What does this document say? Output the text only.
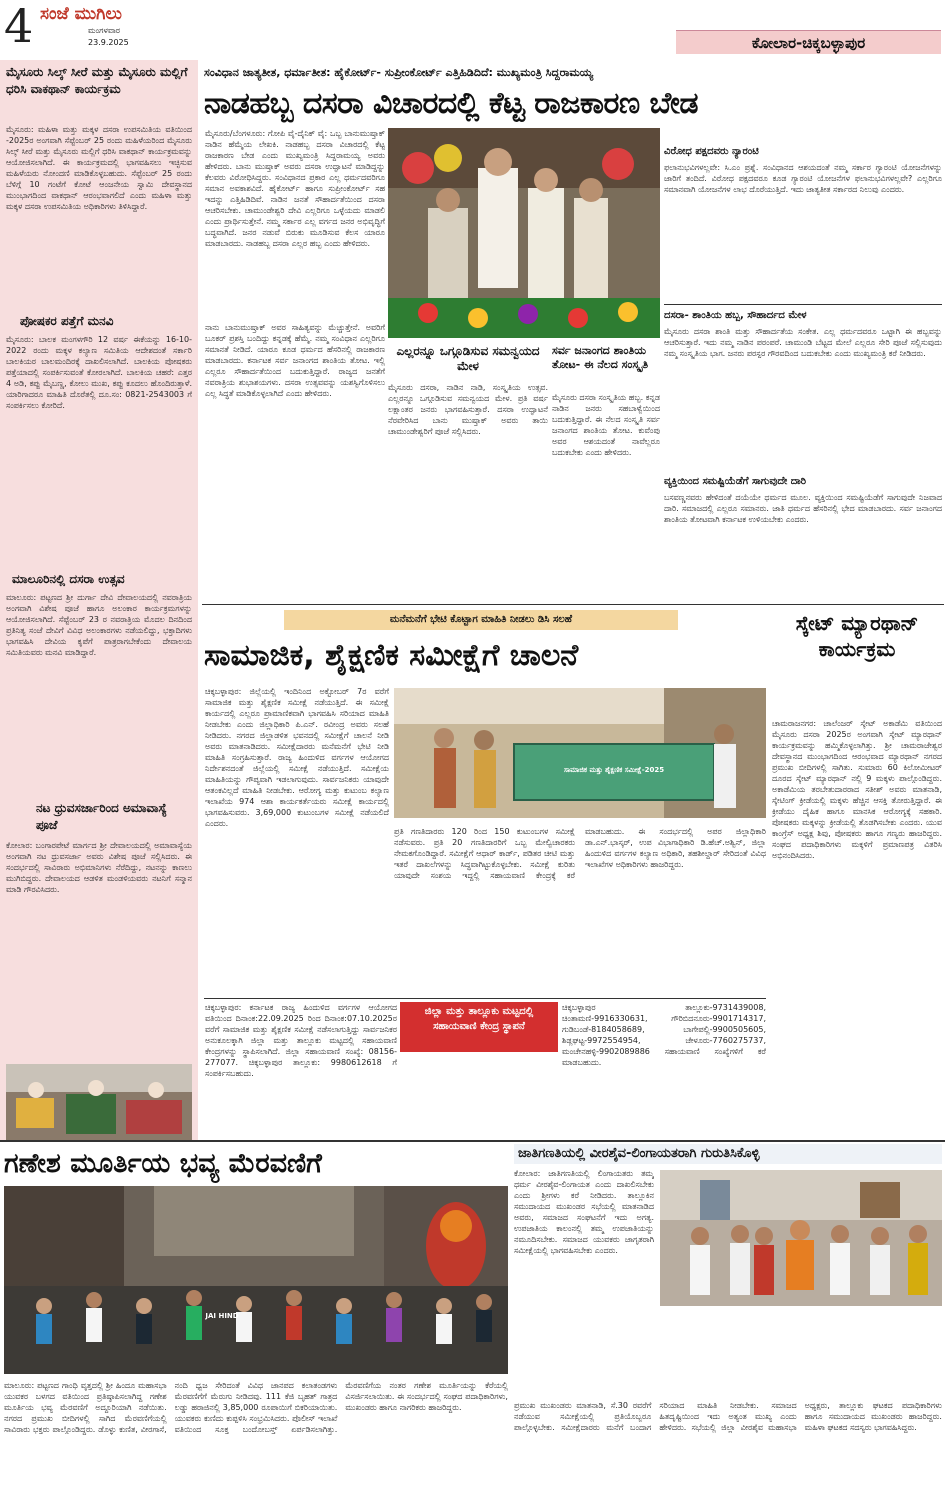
4 ಸಂಜೆ ಮುಗಿಲು
ಮಂಗಳವಾರ
23.9.2025	ಕೋಲಾರ-ಚಿಕ್ಕಬಳ್ಳಾಪುರ
ಮೈಸೂರು ಸಿಲ್ಕ್ ಸೀರೆ ಮತ್ತು ಮೈಸೂರು ಮಲ್ಲಿಗೆ ಧರಿಸಿ ವಾಕಥಾನ್ ಕಾರ್ಯಕ್ರಮ
ಮೈಸೂರು: ಮಹಿಳಾ ಮತ್ತು ಮಕ್ಕಳ ದಸರಾ ಉಪಸಮಿತಿಯ ವತಿಯಿಂದ -2025ರ ಅಂಗವಾಗಿ ಸೆಪ್ಟೆಂಬರ್ 25 ರಂದು ಮಹಿಳೆಯರಿಂದ ಮೈಸೂರು ಸಿಲ್ಕ್ ಸೀರೆ ಮತ್ತು ಮೈಸೂರು ಮಲ್ಲಿಗೆ ಧರಿಸಿ ವಾಕಥಾನ್ ಕಾರ್ಯಕ್ರಮವನ್ನು ಆಯೋಜಿಸಲಾಗಿದೆ. ಈ ಕಾರ್ಯಕ್ರಮದಲ್ಲಿ ಭಾಗವಹಿಸಲು ಇಚ್ಛಿಸುವ ಮಹಿಳೆಯರು ನೋಂದಣಿ ಮಾಡಿಕೊಳ್ಳಬಹುದು. ಸೆಪ್ಟೆಂಬರ್ 25 ರಂದು ಬೆಳಿಗ್ಗೆ 10 ಗಂಟೆಗೆ ಕೋಟೆ ಆಂಜನೇಯ ಸ್ವಾಮಿ ದೇವಸ್ಥಾನದ ಮುಂಭಾಗದಿಂದ ವಾಕಥಾನ್ ಆರಂಭವಾಗಲಿದೆ ಎಂದು ಮಹಿಳಾ ಮತ್ತು ಮಕ್ಕಳ ದಸರಾ ಉಪಸಮಿತಿಯ ಅಧಿಕಾರಿಗಳು ತಿಳಿಸಿದ್ದಾರೆ.
ಪೋಷಕರ ಪತ್ತೆಗೆ ಮನವಿ
ಮೈಸೂರು: ಬಾಲಕ ಮಂಗಳಗೌರಿ 12 ವರ್ಷ ಈಕೆಯನ್ನು 16-10-2022 ರಂದು ಮಕ್ಕಳ ಕಲ್ಯಾಣ ಸಮಿತಿಯ ಆದೇಶದಂತೆ ಸರ್ಕಾರಿ ಬಾಲಕಿಯರ ಬಾಲಮಂದಿರಕ್ಕೆ ದಾಖಲಿಸಲಾಗಿದೆ. ಬಾಲಕಿಯ ಪೋಷಕರು ಪತ್ತೆಯಾದಲ್ಲಿ ಸಂಪರ್ಕಿಸುವಂತೆ ಕೋರಲಾಗಿದೆ. ಬಾಲಕಿಯ ಚಹರೆ: ಎತ್ತರ 4 ಅಡಿ, ಕಪ್ಪು ಮೈಬಣ್ಣ, ಕೋಲು ಮುಖ, ಕಪ್ಪು ಕೂದಲು ಹೊಂದಿರುತ್ತಾಳೆ. ಯಾರಿಗಾದರೂ ಮಾಹಿತಿ ದೊರೆತಲ್ಲಿ ದೂ.ಸಂ: 0821-2543003 ಗೆ ಸಂಪರ್ಕಿಸಲು ಕೋರಿದೆ.
ಮಾಲೂರಿನಲ್ಲಿ ದಸರಾ ಉತ್ಸವ
ಮಾಲೂರು: ಪಟ್ಟಣದ ಶ್ರೀ ದುರ್ಗಾ ದೇವಿ ದೇವಾಲಯದಲ್ಲಿ ನವರಾತ್ರಿಯ ಅಂಗವಾಗಿ ವಿಶೇಷ ಪೂಜೆ ಹಾಗೂ ಅಲಂಕಾರ ಕಾರ್ಯಕ್ರಮಗಳನ್ನು ಆಯೋಜಿಸಲಾಗಿದೆ. ಸೆಪ್ಟೆಂಬರ್ 23 ರ ನವರಾತ್ರಿಯ ಮೊದಲ ದಿನದಿಂದ ಪ್ರತಿನಿತ್ಯ ಸಂಜೆ ದೇವಿಗೆ ವಿವಿಧ ಅಲಂಕಾರಗಳು ನಡೆಯಲಿದ್ದು, ಭಕ್ತಾದಿಗಳು ಭಾಗವಹಿಸಿ ದೇವಿಯ ಕೃಪೆಗೆ ಪಾತ್ರರಾಗಬೇಕೆಂದು ದೇವಾಲಯ ಸಮಿತಿಯವರು ಮನವಿ ಮಾಡಿದ್ದಾರೆ.
ನಟ ಧ್ರುವಸರ್ಜಾರಿಂದ ಅಮಾವಾಸ್ಯೆ ಪೂಜೆ
ಕೋಲಾರ: ಬಂಗಾರಪೇಟೆ ಮಾರ್ಗದ ಶ್ರೀ ದೇವಾಲಯದಲ್ಲಿ ಅಮಾವಾಸ್ಯೆಯ ಅಂಗವಾಗಿ ನಟ ಧ್ರುವಸರ್ಜಾ ಅವರು ವಿಶೇಷ ಪೂಜೆ ಸಲ್ಲಿಸಿದರು. ಈ ಸಂದರ್ಭದಲ್ಲಿ ಸಾವಿರಾರು ಅಭಿಮಾನಿಗಳು ನೆರೆದಿದ್ದು, ನಟನನ್ನು ಕಾಣಲು ಮುಗಿಬಿದ್ದರು. ದೇವಾಲಯದ ಆಡಳಿತ ಮಂಡಳಿಯವರು ನಟನಿಗೆ ಸನ್ಮಾನ ಮಾಡಿ ಗೌರವಿಸಿದರು.
ಸಂವಿಧಾನ ಜಾತ್ಯತೀತ, ಧರ್ಮಾತೀತ: ಹೈಕೋರ್ಟ್- ಸುಪ್ರೀಂಕೋರ್ಟ್ ಎತ್ತಿಹಿಡಿದಿದೆ: ಮುಖ್ಯಮಂತ್ರಿ ಸಿದ್ದರಾಮಯ್ಯ
ನಾಡಹಬ್ಬ ದಸರಾ ವಿಚಾರದಲ್ಲಿ ಕೆಟ್ಟ ರಾಜಕಾರಣ ಬೇಡ
ಮೈಸೂರು/ಬೆಂಗಳೂರು: ಗೋಪಿ ವೈ-ದೈನಿಕ್ ವೈ: ಒಬ್ಬ ಬಾನುಮುಷ್ತಾಕ್ ನಾಡಿನ ಹೆಮ್ಮೆಯ ಲೇಖಕಿ. ನಾಡಹಬ್ಬ ದಸರಾ ವಿಚಾರದಲ್ಲಿ ಕೆಟ್ಟ ರಾಜಕಾರಣ ಬೇಡ ಎಂದು ಮುಖ್ಯಮಂತ್ರಿ ಸಿದ್ದರಾಮಯ್ಯ ಅವರು ಹೇಳಿದರು. ಬಾನು ಮುಷ್ತಾಕ್ ಅವರು ದಸರಾ ಉದ್ಘಾಟನೆ ಮಾಡಿದ್ದನ್ನು ಕೆಲವರು ವಿರೋಧಿಸಿದ್ದರು. ಸಂವಿಧಾನದ ಪ್ರಕಾರ ಎಲ್ಲ ಧರ್ಮದವರಿಗೂ ಸಮಾನ ಅವಕಾಶವಿದೆ. ಹೈಕೋರ್ಟ್ ಹಾಗೂ ಸುಪ್ರೀಂಕೋರ್ಟ್ ಸಹ ಇದನ್ನು ಎತ್ತಿಹಿಡಿದಿವೆ. ನಾಡಿನ ಜನತೆ ಸೌಹಾರ್ದತೆಯಿಂದ ದಸರಾ ಆಚರಿಸಬೇಕು. ಚಾಮುಂಡೇಶ್ವರಿ ದೇವಿ ಎಲ್ಲರಿಗೂ ಒಳ್ಳೆಯದು ಮಾಡಲಿ ಎಂದು ಪ್ರಾರ್ಥಿಸುತ್ತೇನೆ. ನಮ್ಮ ಸರ್ಕಾರ ಎಲ್ಲ ವರ್ಗದ ಜನರ ಅಭಿವೃದ್ಧಿಗೆ ಬದ್ಧವಾಗಿದೆ. ಜನರ ನಡುವೆ ಬಿರುಕು ಮೂಡಿಸುವ ಕೆಲಸ ಯಾರೂ ಮಾಡಬಾರದು. ನಾಡಹಬ್ಬ ದಸರಾ ಎಲ್ಲರ ಹಬ್ಬ ಎಂದು ಹೇಳಿದರು.
ನಾನು ಬಾನುಮುಷ್ತಾಕ್ ಅವರ ಸಾಹಿತ್ಯವನ್ನು ಮೆಚ್ಚುತ್ತೇನೆ. ಅವರಿಗೆ ಬೂಕರ್ ಪ್ರಶಸ್ತಿ ಬಂದಿದ್ದು ಕನ್ನಡಕ್ಕೆ ಹೆಮ್ಮೆ. ನಮ್ಮ ಸಂವಿಧಾನ ಎಲ್ಲರಿಗೂ ಸಮಾನತೆ ನೀಡಿದೆ. ಯಾರೂ ಕೂಡ ಧರ್ಮದ ಹೆಸರಿನಲ್ಲಿ ರಾಜಕಾರಣ ಮಾಡಬಾರದು. ಕರ್ನಾಟಕ ಸರ್ವ ಜನಾಂಗದ ಶಾಂತಿಯ ತೋಟ. ಇಲ್ಲಿ ಎಲ್ಲರೂ ಸೌಹಾರ್ದತೆಯಿಂದ ಬದುಕುತ್ತಿದ್ದಾರೆ. ರಾಜ್ಯದ ಜನತೆಗೆ ನವರಾತ್ರಿಯ ಶುಭಾಶಯಗಳು. ದಸರಾ ಉತ್ಸವವನ್ನು ಯಶಸ್ವಿಗೊಳಿಸಲು ಎಲ್ಲ ಸಿದ್ಧತೆ ಮಾಡಿಕೊಳ್ಳಲಾಗಿದೆ ಎಂದು ಹೇಳಿದರು.
ವಿರೋಧ ಪಕ್ಷದವರು ನ್ಯಾರಂಟಿ
ಫಲಾನುಭವಿಗಳಲ್ಲವೇ: ಸಿ.ಎಂ ಪ್ರಶ್ನೆ. ಸಂವಿಧಾನದ ಆಶಯದಂತೆ ನಮ್ಮ ಸರ್ಕಾರ ಗ್ಯಾರಂಟಿ ಯೋಜನೆಗಳನ್ನು ಜಾರಿಗೆ ತಂದಿದೆ. ವಿರೋಧ ಪಕ್ಷದವರೂ ಕೂಡ ಗ್ಯಾರಂಟಿ ಯೋಜನೆಗಳ ಫಲಾನುಭವಿಗಳಲ್ಲವೇ? ಎಲ್ಲರಿಗೂ ಸಮಾನವಾಗಿ ಯೋಜನೆಗಳ ಲಾಭ ದೊರೆಯುತ್ತಿದೆ. ಇದು ಜಾತ್ಯತೀತ ಸರ್ಕಾರದ ನಿಲುವು ಎಂದರು.
ದಸರಾ- ಶಾಂತಿಯ ಹಬ್ಬ, ಸೌಹಾರ್ದದ ಮೇಳ
ಮೈಸೂರು ದಸರಾ ಶಾಂತಿ ಮತ್ತು ಸೌಹಾರ್ದತೆಯ ಸಂಕೇತ. ಎಲ್ಲ ಧರ್ಮದವರೂ ಒಟ್ಟಾಗಿ ಈ ಹಬ್ಬವನ್ನು ಆಚರಿಸುತ್ತಾರೆ. ಇದು ನಮ್ಮ ನಾಡಿನ ಪರಂಪರೆ. ಚಾಮುಂಡಿ ಬೆಟ್ಟದ ಮೇಲೆ ಎಲ್ಲರೂ ಸೇರಿ ಪೂಜೆ ಸಲ್ಲಿಸುವುದು ನಮ್ಮ ಸಂಸ್ಕೃತಿಯ ಭಾಗ. ಜನರು ಪರಸ್ಪರ ಗೌರವದಿಂದ ಬದುಕಬೇಕು ಎಂದು ಮುಖ್ಯಮಂತ್ರಿ ಕರೆ ನೀಡಿದರು.
ವ್ಯಕ್ತಿಯಿಂದ ಸಮಷ್ಟಿಯೆಡೆಗೆ ಸಾಗುವುದೇ ದಾರಿ
ಬಸವಣ್ಣನವರು ಹೇಳಿದಂತೆ ದಯೆಯೇ ಧರ್ಮದ ಮೂಲ. ವ್ಯಕ್ತಿಯಿಂದ ಸಮಷ್ಟಿಯೆಡೆಗೆ ಸಾಗುವುದೇ ನಿಜವಾದ ದಾರಿ. ಸಮಾಜದಲ್ಲಿ ಎಲ್ಲರೂ ಸಮಾನರು. ಜಾತಿ ಧರ್ಮದ ಹೆಸರಿನಲ್ಲಿ ಭೇದ ಮಾಡಬಾರದು. ಸರ್ವ ಜನಾಂಗದ ಶಾಂತಿಯ ತೋಟವಾಗಿ ಕರ್ನಾಟಕ ಉಳಿಯಬೇಕು ಎಂದರು.
ಎಲ್ಲರನ್ನೂ ಒಗ್ಗೂಡಿಸುವ ಸಮನ್ವಯದ ಮೇಳ
ಮೈಸೂರು ದಸರಾ, ನಾಡಿನ ನಾಡಿ, ಸಂಸ್ಕೃತಿಯ ಉತ್ಸವ. ಎಲ್ಲರನ್ನೂ ಒಗ್ಗೂಡಿಸುವ ಸಮನ್ವಯದ ಮೇಳ. ಪ್ರತಿ ವರ್ಷ ಲಕ್ಷಾಂತರ ಜನರು ಭಾಗವಹಿಸುತ್ತಾರೆ. ದಸರಾ ಉದ್ಘಾಟನೆ ನೆರವೇರಿಸಿದ ಬಾನು ಮುಷ್ತಾಕ್ ಅವರು ತಾಯಿ ಚಾಮುಂಡೇಶ್ವರಿಗೆ ಪೂಜೆ ಸಲ್ಲಿಸಿದರು.
ಸರ್ವ ಜನಾಂಗದ ಶಾಂತಿಯ ತೋಟ- ಈ ನೆಲದ ಸಂಸ್ಕೃತಿ
ಮೈಸೂರು ದಸರಾ ಸಂಸ್ಕೃತಿಯ ಹಬ್ಬ. ಕನ್ನಡ ನಾಡಿನ ಜನರು ಸಹಬಾಳ್ವೆಯಿಂದ ಬದುಕುತ್ತಿದ್ದಾರೆ. ಈ ನೆಲದ ಸಂಸ್ಕೃತಿ ಸರ್ವ ಜನಾಂಗದ ಶಾಂತಿಯ ತೋಟ. ಕುವೆಂಪು ಅವರ ಆಶಯದಂತೆ ನಾವೆಲ್ಲರೂ ಬದುಕಬೇಕು ಎಂದು ಹೇಳಿದರು.
ಮನೆಮನೆಗೆ ಭೇಟಿ ಕೊಟ್ಟಾಗ ಮಾಹಿತಿ ನೀಡಲು ಡಿಸಿ ಸಲಹೆ
ಸಾಮಾಜಿಕ, ಶೈಕ್ಷಣಿಕ ಸಮೀಕ್ಷೆಗೆ ಚಾಲನೆ
ಚಿಕ್ಕಬಳ್ಳಾಪುರ: ಜಿಲ್ಲೆಯಲ್ಲಿ ಇಂದಿನಿಂದ ಅಕ್ಟೋಬರ್ 7ರ ವರೆಗೆ ಸಾಮಾಜಿಕ ಮತ್ತು ಶೈಕ್ಷಣಿಕ ಸಮೀಕ್ಷೆ ನಡೆಯುತ್ತಿದೆ. ಈ ಸಮೀಕ್ಷೆ ಕಾರ್ಯದಲ್ಲಿ ಎಲ್ಲರೂ ಪ್ರಾಮಾಣಿಕವಾಗಿ ಭಾಗವಹಿಸಿ ಸರಿಯಾದ ಮಾಹಿತಿ ನೀಡಬೇಕು ಎಂದು ಜಿಲ್ಲಾಧಿಕಾರಿ ಪಿ.ಎನ್. ರವೀಂದ್ರ ಅವರು ಸಲಹೆ ನೀಡಿದರು. ನಗರದ ಜಿಲ್ಲಾಡಳಿತ ಭವನದಲ್ಲಿ ಸಮೀಕ್ಷೆಗೆ ಚಾಲನೆ ನೀಡಿ ಅವರು ಮಾತನಾಡಿದರು. ಸಮೀಕ್ಷೆದಾರರು ಮನೆಮನೆಗೆ ಭೇಟಿ ನೀಡಿ ಮಾಹಿತಿ ಸಂಗ್ರಹಿಸುತ್ತಾರೆ. ರಾಜ್ಯ ಹಿಂದುಳಿದ ವರ್ಗಗಳ ಆಯೋಗದ ನಿರ್ದೇಶನದಂತೆ ಜಿಲ್ಲೆಯಲ್ಲಿ ಸಮೀಕ್ಷೆ ನಡೆಯುತ್ತಿದೆ. ಸಮೀಕ್ಷೆಯ ಮಾಹಿತಿಯನ್ನು ಗೌಪ್ಯವಾಗಿ ಇಡಲಾಗುವುದು. ಸಾರ್ವಜನಿಕರು ಯಾವುದೇ ಆತಂಕವಿಲ್ಲದೆ ಮಾಹಿತಿ ನೀಡಬೇಕು. ಆರೋಗ್ಯ ಮತ್ತು ಕುಟುಂಬ ಕಲ್ಯಾಣ ಇಲಾಖೆಯ 974 ಆಶಾ ಕಾರ್ಯಕರ್ತೆಯರು ಸಮೀಕ್ಷೆ ಕಾರ್ಯದಲ್ಲಿ ಭಾಗವಹಿಸುವರು. 3,69,000 ಕುಟುಂಬಗಳ ಸಮೀಕ್ಷೆ ನಡೆಯಲಿದೆ ಎಂದರು.
ಸಾಮಾಜಿಕ ಮತ್ತು ಶೈಕ್ಷಣಿಕ ಸಮೀಕ್ಷೆ-2025
ಪ್ರತಿ ಗಣತಿದಾರರು 120 ರಿಂದ 150 ಕುಟುಂಬಗಳ ಸಮೀಕ್ಷೆ ನಡೆಸುವರು. ಪ್ರತಿ 20 ಗಣತಿದಾರರಿಗೆ ಒಬ್ಬ ಮೇಲ್ವಿಚಾರಕರು ನೇಮಕಗೊಂಡಿದ್ದಾರೆ. ಸಮೀಕ್ಷೆಗೆ ಆಧಾರ್ ಕಾರ್ಡ್, ಪಡಿತರ ಚೀಟಿ ಮತ್ತು ಇತರೆ ದಾಖಲೆಗಳನ್ನು ಸಿದ್ಧವಾಗಿಟ್ಟುಕೊಳ್ಳಬೇಕು. ಸಮೀಕ್ಷೆ ಕುರಿತು ಯಾವುದೇ ಸಂಶಯ ಇದ್ದಲ್ಲಿ ಸಹಾಯವಾಣಿ ಕೇಂದ್ರಕ್ಕೆ ಕರೆ ಮಾಡಬಹುದು. ಈ ಸಂದರ್ಭದಲ್ಲಿ ಅಪರ ಜಿಲ್ಲಾಧಿಕಾರಿ ಡಾ.ಎನ್.ಭಾಸ್ಕರ್, ಉಪ ವಿಭಾಗಾಧಿಕಾರಿ ಡಿ.ಹೆಚ್.ಅಶ್ವಿನ್, ಜಿಲ್ಲಾ ಹಿಂದುಳಿದ ವರ್ಗಗಳ ಕಲ್ಯಾಣ ಅಧಿಕಾರಿ, ತಹಶೀಲ್ದಾರ್ ಸೇರಿದಂತೆ ವಿವಿಧ ಇಲಾಖೆಗಳ ಅಧಿಕಾರಿಗಳು ಹಾಜರಿದ್ದರು.
ಚಿಕ್ಕಬಳ್ಳಾಪುರ: ಕರ್ನಾಟಕ ರಾಜ್ಯ ಹಿಂದುಳಿದ ವರ್ಗಗಳ ಆಯೋಗದ ವತಿಯಿಂದ ದಿನಾಂಕ:22.09.2025 ರಿಂದ ದಿನಾಂಕ:07.10.2025ರ ವರೆಗೆ ಸಾಮಾಜಿಕ ಮತ್ತು ಶೈಕ್ಷಣಿಕ ಸಮೀಕ್ಷೆ ನಡೆಸಲಾಗುತ್ತಿದ್ದು ಸಾರ್ವಜನಿಕರ ಅನುಕೂಲಕ್ಕಾಗಿ ಜಿಲ್ಲಾ ಮತ್ತು ತಾಲ್ಲೂಕು ಮಟ್ಟದಲ್ಲಿ ಸಹಾಯವಾಣಿ ಕೇಂದ್ರಗಳನ್ನು ಸ್ಥಾಪಿಸಲಾಗಿದೆ. ಜಿಲ್ಲಾ ಸಹಾಯವಾಣಿ ಸಂಖ್ಯೆ: 08156-277077. ಚಿಕ್ಕಬಳ್ಳಾಪುರ ತಾಲ್ಲೂಕು: 9980612618 ಗೆ ಸಂಪರ್ಕಿಸಬಹುದು.
ಜಿಲ್ಲಾ ಮತ್ತು ತಾಲ್ಲೂಕು ಮಟ್ಟದಲ್ಲಿ ಸಹಾಯವಾಣಿ ಕೇಂದ್ರ ಸ್ಥಾಪನೆ
ಚಿಕ್ಕಬಳ್ಳಾಪುರ ತಾಲ್ಲೂಕು-9731439008, ಚಿಂತಾಮಣಿ-9916330631, ಗೌರಿಬಿದನೂರು-9901714317, ಗುಡಿಬಂಡೆ-8184058689, ಬಾಗೇಪಲ್ಲಿ-9900505605, ಶಿಡ್ಲಘಟ್ಟ-9972554954, ಚೇಳೂರು-7760275737, ಮಂಚೇನಹಳ್ಳಿ-9902089886 ಸಹಾಯವಾಣಿ ಸಂಖ್ಯೆಗಳಿಗೆ ಕರೆ ಮಾಡಬಹುದು.
ಸ್ಕೇಟ್ ಮ್ಯಾರಥಾನ್ ಕಾರ್ಯಕ್ರಮ
ಚಾಮರಾಜನಗರ: ಚಾಲೆಂಜರ್ ಸ್ಕೇಟ್ ಅಕಾಡೆಮಿ ವತಿಯಿಂದ ಮೈಸೂರು ದಸರಾ 2025ರ ಅಂಗವಾಗಿ ಸ್ಕೇಟ್ ಮ್ಯಾರಥಾನ್ ಕಾರ್ಯಕ್ರಮವನ್ನು ಹಮ್ಮಿಕೊಳ್ಳಲಾಗಿತ್ತು. ಶ್ರೀ ಚಾಮರಾಜೇಶ್ವರ ದೇವಸ್ಥಾನದ ಮುಂಭಾಗದಿಂದ ಆರಂಭವಾದ ಮ್ಯಾರಥಾನ್ ನಗರದ ಪ್ರಮುಖ ಬೀದಿಗಳಲ್ಲಿ ಸಾಗಿತು. ಸುಮಾರು 60 ಕಿಲೋಮೀಟರ್ ದೂರದ ಸ್ಕೇಟ್ ಮ್ಯಾರಥಾನ್ ನಲ್ಲಿ 9 ಮಕ್ಕಳು ಪಾಲ್ಗೊಂಡಿದ್ದರು. ಅಕಾಡೆಮಿಯ ತರಬೇತುದಾರರಾದ ಸತೀಶ್ ಅವರು ಮಾತನಾಡಿ, ಸ್ಕೇಟಿಂಗ್ ಕ್ರೀಡೆಯಲ್ಲಿ ಮಕ್ಕಳು ಹೆಚ್ಚಿನ ಆಸಕ್ತಿ ತೋರುತ್ತಿದ್ದಾರೆ. ಈ ಕ್ರೀಡೆಯು ದೈಹಿಕ ಹಾಗೂ ಮಾನಸಿಕ ಆರೋಗ್ಯಕ್ಕೆ ಸಹಕಾರಿ. ಪೋಷಕರು ಮಕ್ಕಳನ್ನು ಕ್ರೀಡೆಯಲ್ಲಿ ತೊಡಗಿಸಬೇಕು ಎಂದರು. ಯುವ ಕಾಂಗ್ರೆಸ್ ಅಧ್ಯಕ್ಷ ಶಿವು, ಪೋಷಕರು ಹಾಗೂ ಗಣ್ಯರು ಹಾಜರಿದ್ದರು. ಸಂಘದ ಪದಾಧಿಕಾರಿಗಳು ಮಕ್ಕಳಿಗೆ ಪ್ರಮಾಣಪತ್ರ ವಿತರಿಸಿ ಅಭಿನಂದಿಸಿದರು.
ಗಣೇಶ ಮೂರ್ತಿಯ ಭವ್ಯ ಮೆರವಣಿಗೆ
JAI HIND
ಮಾಲೂರು: ಪಟ್ಟಣದ ಗಾಂಧಿ ವೃತ್ತದಲ್ಲಿ ಶ್ರೀ ಹಿಂದೂ ಮಹಾಸಭಾ ಯುವಕರ ಬಳಗದ ವತಿಯಿಂದ ಪ್ರತಿಷ್ಠಾಪಿಸಲಾಗಿದ್ದ ಗಣೇಶ ಮೂರ್ತಿಯ ಭವ್ಯ ಮೆರವಣಿಗೆ ಅದ್ದೂರಿಯಾಗಿ ನಡೆಯಿತು. ನಗರದ ಪ್ರಮುಖ ಬೀದಿಗಳಲ್ಲಿ ಸಾಗಿದ ಮೆರವಣಿಗೆಯಲ್ಲಿ ಸಾವಿರಾರು ಭಕ್ತರು ಪಾಲ್ಗೊಂಡಿದ್ದರು. ಡೊಳ್ಳು ಕುಣಿತ, ವೀರಗಾಸೆ, ನಂದಿ ಧ್ವಜ ಸೇರಿದಂತೆ ವಿವಿಧ ಜಾನಪದ ಕಲಾತಂಡಗಳು ಮೆರವಣಿಗೆಗೆ ಮೆರುಗು ನೀಡಿದವು. 111 ಕೆಜಿ ಬೃಹತ್ ಗಾತ್ರದ ಲಡ್ಡು ಹರಾಜಿನಲ್ಲಿ 3,85,000 ರೂಪಾಯಿಗೆ ಬಿಕರಿಯಾಯಿತು. ಯುವಕರು ಕುಣಿದು ಕುಪ್ಪಳಿಸಿ ಸಂಭ್ರಮಿಸಿದರು. ಪೊಲೀಸ್ ಇಲಾಖೆ ವತಿಯಿಂದ ಸೂಕ್ತ ಬಂದೋಬಸ್ತ್ ಏರ್ಪಡಿಸಲಾಗಿತ್ತು. ಮೆರವಣಿಗೆಯ ನಂತರ ಗಣೇಶ ಮೂರ್ತಿಯನ್ನು ಕೆರೆಯಲ್ಲಿ ವಿಸರ್ಜಿಸಲಾಯಿತು. ಈ ಸಂದರ್ಭದಲ್ಲಿ ಸಂಘದ ಪದಾಧಿಕಾರಿಗಳು, ಮುಖಂಡರು ಹಾಗೂ ನಾಗರಿಕರು ಹಾಜರಿದ್ದರು.
ಜಾತಿಗಣತಿಯಲ್ಲಿ ವೀರಶೈವ-ಲಿಂಗಾಯತರಾಗಿ ಗುರುತಿಸಿಕೊಳ್ಳಿ
ಕೋಲಾರ: ಜಾತಿಗಣತಿಯಲ್ಲಿ ಲಿಂಗಾಯತರು ತಮ್ಮ ಧರ್ಮ ವೀರಶೈವ-ಲಿಂಗಾಯತ ಎಂದು ದಾಖಲಿಸಬೇಕು ಎಂದು ಶ್ರೀಗಳು ಕರೆ ನೀಡಿದರು. ತಾಲ್ಲೂಕಿನ ಸಮುದಾಯದ ಮುಖಂಡರ ಸಭೆಯಲ್ಲಿ ಮಾತನಾಡಿದ ಅವರು, ಸಮಾಜದ ಸಂಘಟನೆಗೆ ಇದು ಅಗತ್ಯ. ಉಪಜಾತಿಯ ಕಾಲಂನಲ್ಲಿ ತಮ್ಮ ಉಪಜಾತಿಯನ್ನು ನಮೂದಿಸಬೇಕು. ಸಮಾಜದ ಯುವಕರು ಜಾಗೃತರಾಗಿ ಸಮೀಕ್ಷೆಯಲ್ಲಿ ಭಾಗವಹಿಸಬೇಕು ಎಂದರು.
ಪ್ರಮುಖ ಮುಖಂಡರು ಮಾತನಾಡಿ, ಸೆ.30 ರವರೆಗೆ ನಡೆಯುವ ಸಮೀಕ್ಷೆಯಲ್ಲಿ ಪ್ರತಿಯೊಬ್ಬರೂ ಪಾಲ್ಗೊಳ್ಳಬೇಕು. ಸಮೀಕ್ಷೆದಾರರು ಮನೆಗೆ ಬಂದಾಗ ಸರಿಯಾದ ಮಾಹಿತಿ ನೀಡಬೇಕು. ಸಮಾಜದ ಹಿತದೃಷ್ಟಿಯಿಂದ ಇದು ಅತ್ಯಂತ ಮುಖ್ಯ ಎಂದು ಹೇಳಿದರು. ಸಭೆಯಲ್ಲಿ ಜಿಲ್ಲಾ ವೀರಶೈವ ಮಹಾಸಭಾ ಅಧ್ಯಕ್ಷರು, ತಾಲ್ಲೂಕು ಘಟಕದ ಪದಾಧಿಕಾರಿಗಳು ಹಾಗೂ ಸಮುದಾಯದ ಮುಖಂಡರು ಹಾಜರಿದ್ದರು. ಮಹಿಳಾ ಘಟಕದ ಸದಸ್ಯರು ಭಾಗವಹಿಸಿದ್ದರು.
